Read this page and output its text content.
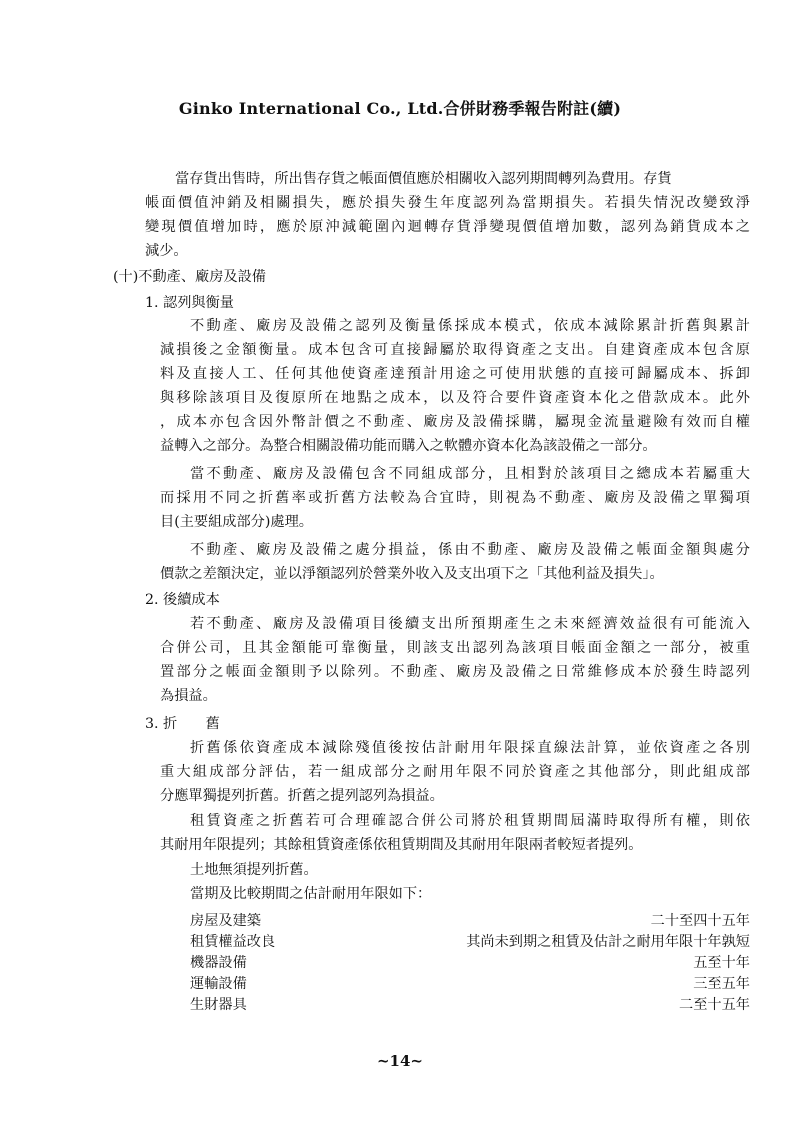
Ginko International Co., Ltd.合併財務季報告附註(續)
當存貨出售時，所出售存貨之帳面價值應於相關收入認列期間轉列為費用。存貨
帳面價值沖銷及相關損失，應於損失發生年度認列為當期損失。若損失情況改變致淨
變現價值增加時，應於原沖減範圍內迴轉存貨淨變現價值增加數，認列為銷貨成本之
減少。
(十)不動產、廠房及設備
1. 認列與衡量
不動產、廠房及設備之認列及衡量係採成本模式，依成本減除累計折舊與累計
減損後之金額衡量。成本包含可直接歸屬於取得資產之支出。自建資產成本包含原
料及直接人工、任何其他使資產達預計用途之可使用狀態的直接可歸屬成本、拆卸
與移除該項目及復原所在地點之成本，以及符合要件資產資本化之借款成本。此外
，成本亦包含因外幣計價之不動產、廠房及設備採購，屬現金流量避險有效而自權
益轉入之部分。為整合相關設備功能而購入之軟體亦資本化為該設備之一部分。
當不動產、廠房及設備包含不同組成部分，且相對於該項目之總成本若屬重大
而採用不同之折舊率或折舊方法較為合宜時，則視為不動產、廠房及設備之單獨項
目(主要組成部分)處理。
不動產、廠房及設備之處分損益，係由不動產、廠房及設備之帳面金額與處分
價款之差額決定，並以淨額認列於營業外收入及支出項下之「其他利益及損失」。
2. 後續成本
若不動產、廠房及設備項目後續支出所預期產生之未來經濟效益很有可能流入
合併公司，且其金額能可靠衡量，則該支出認列為該項目帳面金額之一部分，被重
置部分之帳面金額則予以除列。不動產、廠房及設備之日常維修成本於發生時認列
為損益。
3. 折　　舊
折舊係依資產成本減除殘值後按估計耐用年限採直線法計算，並依資產之各別
重大組成部分評估，若一組成部分之耐用年限不同於資產之其他部分，則此組成部
分應單獨提列折舊。折舊之提列認列為損益。
租賃資產之折舊若可合理確認合併公司將於租賃期間屆滿時取得所有權，則依
其耐用年限提列；其餘租賃資產係依租賃期間及其耐用年限兩者較短者提列。
土地無須提列折舊。
當期及比較期間之估計耐用年限如下：
房屋及建築	二十至四十五年
租賃權益改良	其尚未到期之租賃及估計之耐用年限十年孰短
機器設備	五至十年
運輸設備	三至五年
生財器具	二至十五年
~14~
